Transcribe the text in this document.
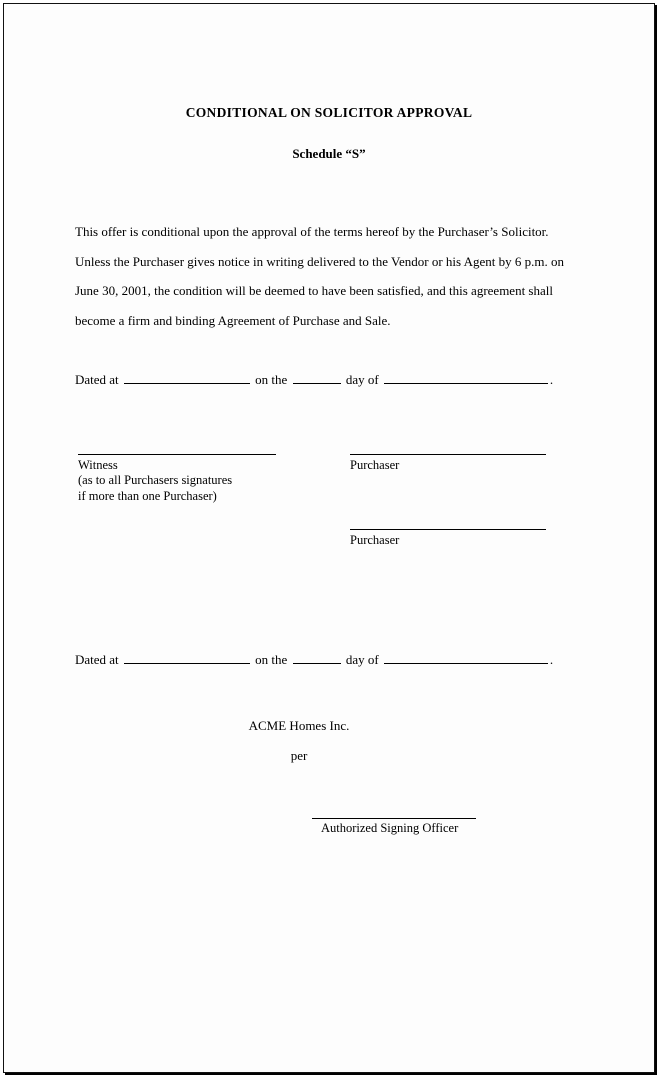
CONDITIONAL ON SOLICITOR APPROVAL
Schedule “S”
This offer is conditional upon the approval of the terms hereof by the Purchaser’s Solicitor.
Unless the Purchaser gives notice in writing delivered to the Vendor or his Agent by 6 p.m. on
June 30, 2001, the condition will be deemed to have been satisfied, and this agreement shall
become a firm and binding Agreement of Purchase and Sale.
Dated at	on the	day of	.
Witness
(as to all Purchasers signatures
if more than one Purchaser)
Purchaser
Purchaser
Dated at	on the	day of	.
ACME Homes Inc.
per
Authorized Signing Officer
